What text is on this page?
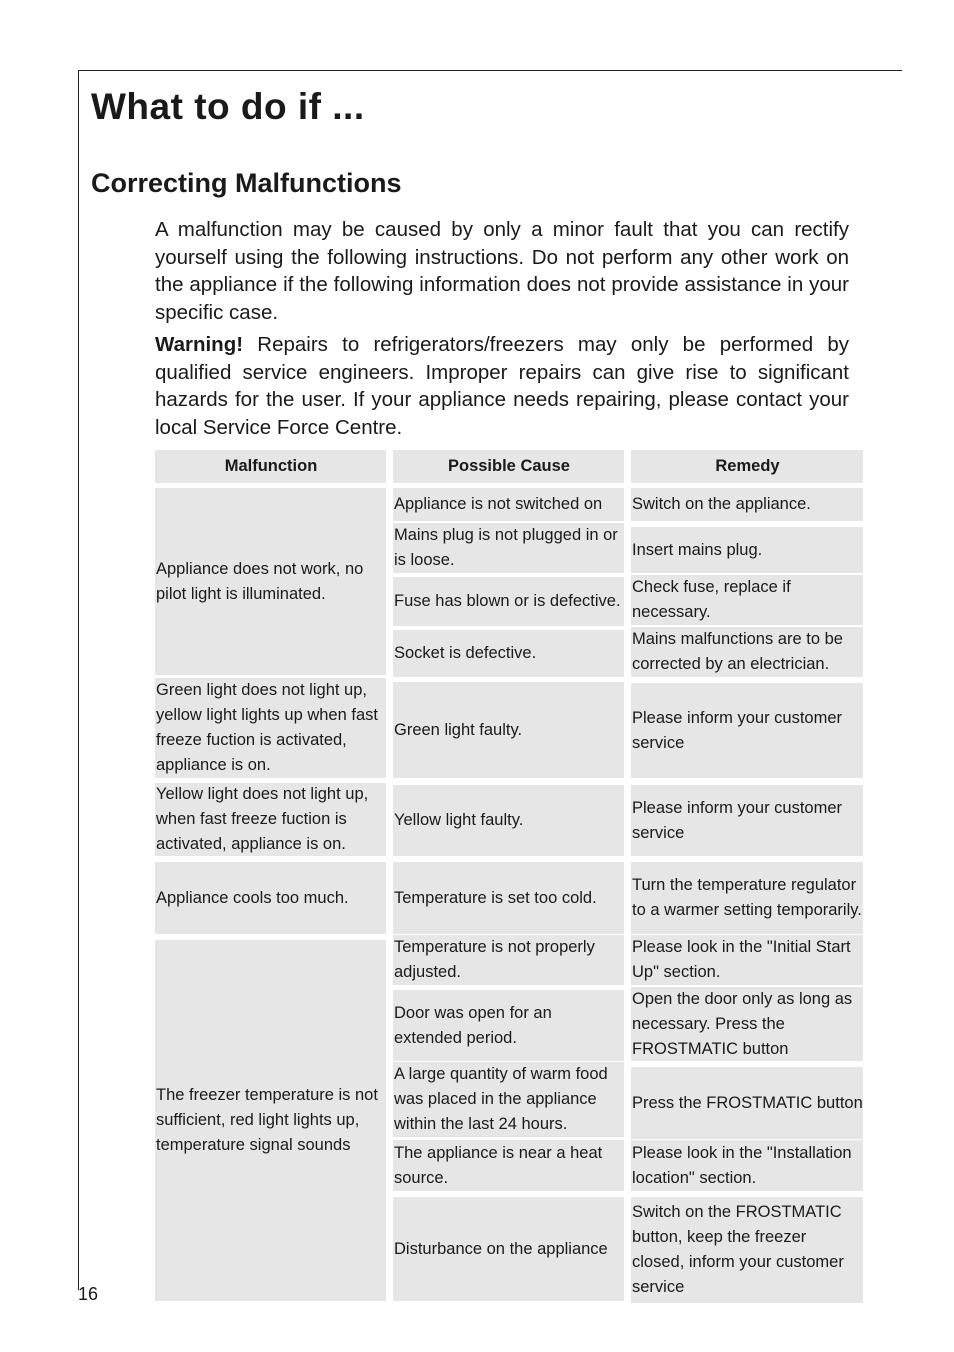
What to do if ...
Correcting Malfunctions

A malfunction may be caused by only a minor fault that you can rectify yourself using the following instructions. Do not perform any other work on the appliance if the following information does not provide assistance in your specific case.

Warning! Repairs to refrigerators/freezers may only be performed by qualified service engineers. Improper repairs can give rise to significant hazards for the user. If your appliance needs repairing, please contact your local Service Force Centre.

Malfunction	Possible Cause	Remedy
Appliance does not work, no pilot light is illuminated.
Green light does not light up, yellow light lights up when fast freeze fuction is activated, appliance is on.
Yellow light does not light up, when fast freeze fuction is activated, appliance is on.
Appliance cools too much.
The freezer temperature is not sufficient, red light lights up, temperature signal sounds
Appliance is not switched on
Mains plug is not plugged in or is loose.
Fuse has blown or is defective.
Socket is defective.
Green light faulty.
Yellow light faulty.
Temperature is set too cold.
Temperature is not properly adjusted.
Door was open for an extended period.
A large quantity of warm food was placed in the appliance within the last 24 hours.
The appliance is near a heat source.
Disturbance on the appliance
Switch on the appliance.
Insert mains plug.
Check fuse, replace if necessary.
Mains malfunctions are to be corrected by an electrician.
Please inform your customer service
Please inform your customer service
Turn the temperature regulator to a warmer setting temporarily.
Please look in the "Initial Start Up" section.
Open the door only as long as necessary. Press the FROSTMATIC button
Press the FROSTMATIC button
Please look in the "Installation location" section.
Switch on the FROSTMATIC button, keep the freezer closed, inform your customer service
16
